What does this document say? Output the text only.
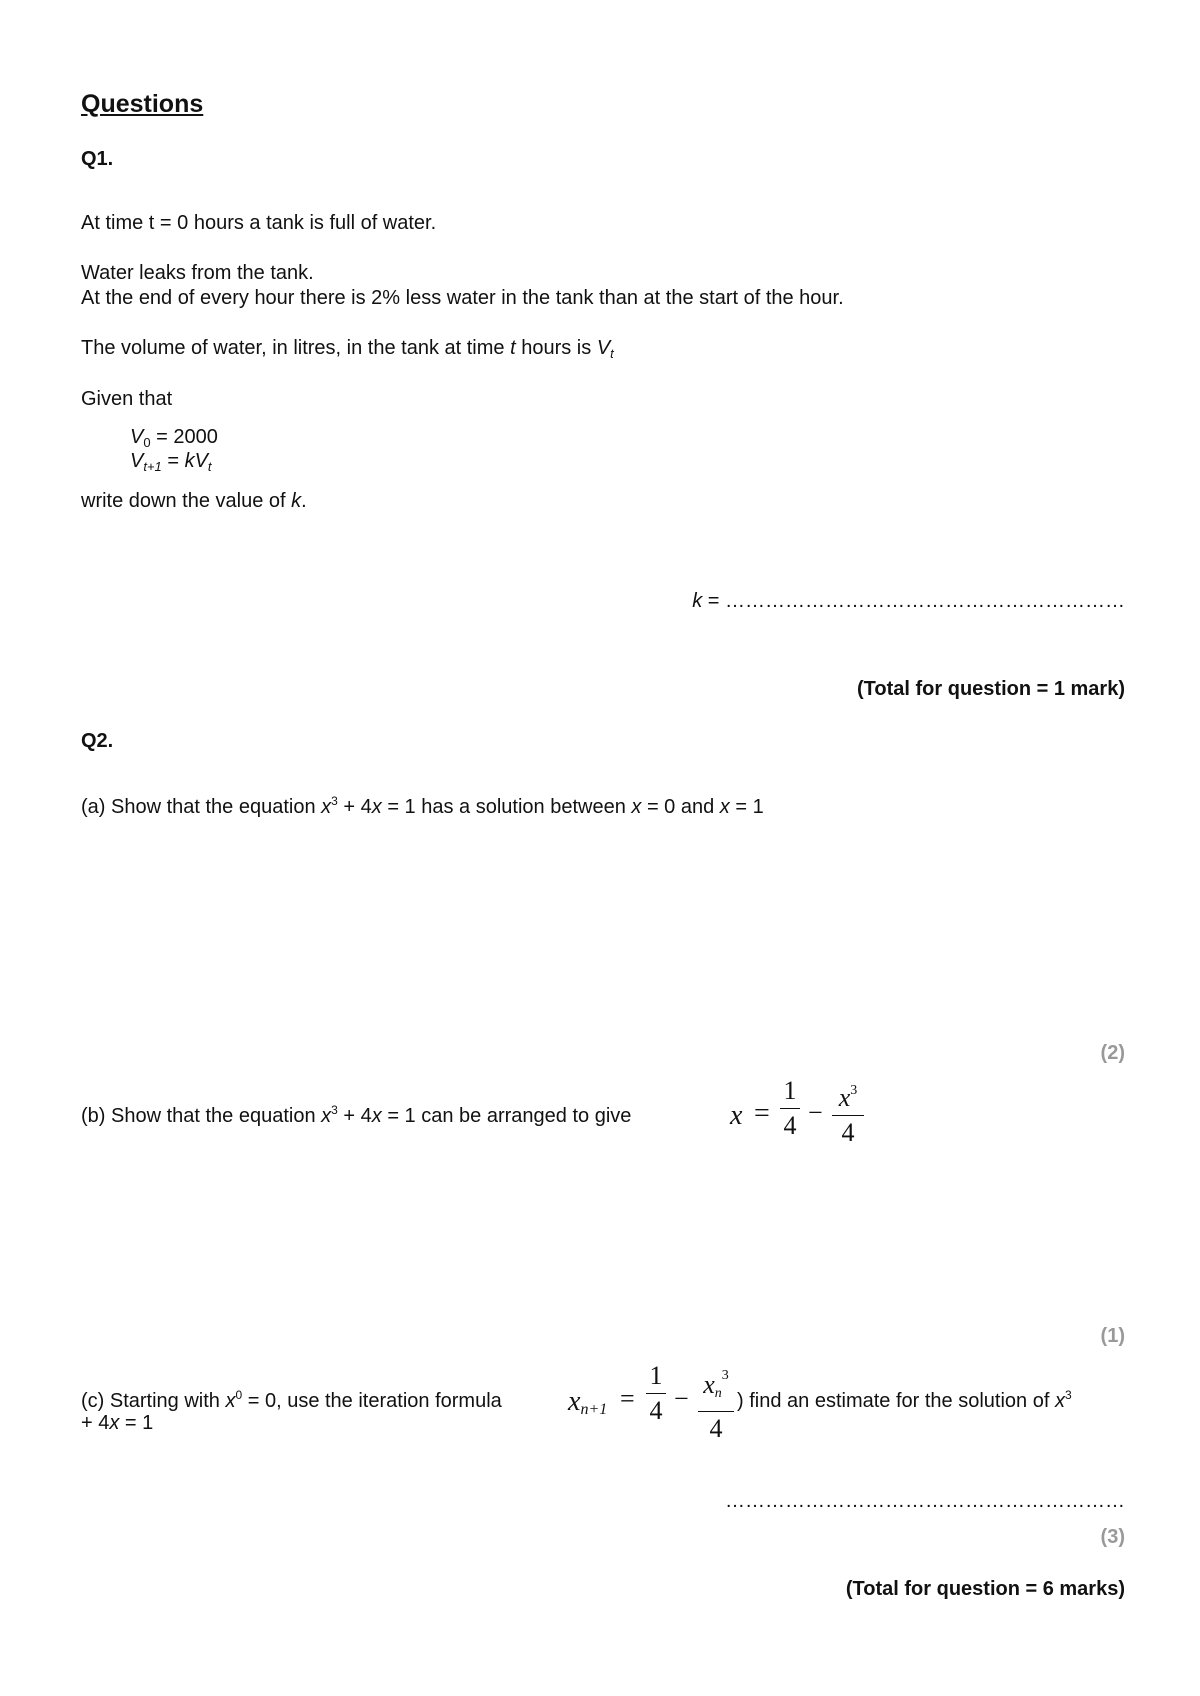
Questions
Q1.
At time t = 0 hours a tank is full of water.
Water leaks from the tank.
At the end of every hour there is 2% less water in the tank than at the start of the hour.
The volume of water, in litres, in the tank at time t hours is $V_t$
Given that
$V_0 = 2000$
$V_{t+1} = kV_t$
write down the value of k.
k = ……………………………………………………
(Total for question = 1 mark)
Q2.
(a) Show that the equation $x^3 + 4x = 1$ has a solution between x = 0 and x = 1
(2)
(b) Show that the equation $x^3 + 4x = 1$ can be arranged to give	x =
1
4 −
$x^3$
4
(1)
(c) Starting with $x^0 = 0$, use the iteration formula $x_{n+1}$ =
1
$4 - x_n^3$
4
) find an estimate for the solution of $x^3$
+ 4x = 1
……………………………………………………
(3)
(Total for question = 6 marks)
